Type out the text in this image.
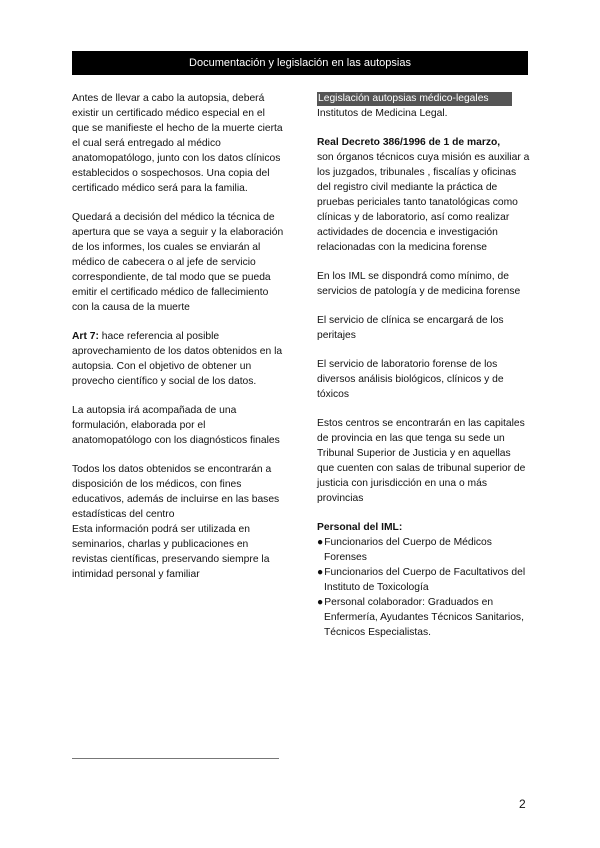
Documentación y legislación en las autopsias

Antes de llevar a cabo la autopsia, deberá existir un certificado médico especial en el que se manifieste el hecho de la muerte cierta el cual será entregado al médico anatomopatólogo, junto con los datos clínicos establecidos o sospechosos. Una copia del certificado médico será para la familia.

Quedará a decisión del médico la técnica de apertura que se vaya a seguir y la elaboración de los informes, los cuales se enviarán al médico de cabecera o al jefe de servicio correspondiente, de tal modo que se pueda emitir el certificado médico de fallecimiento con la causa de la muerte

Art 7: hace referencia al posible aprovechamiento de los datos obtenidos en la autopsia. Con el objetivo de obtener un provecho científico y social de los datos.

La autopsia irá acompañada de una formulación, elaborada por el anatomopatólogo con los diagnósticos finales

Todos los datos obtenidos se encontrarán a disposición de los médicos, con fines educativos, además de incluirse en las bases estadísticas del centro
Esta información podrá ser utilizada en seminarios, charlas y publicaciones en revistas científicas, preservando siempre la intimidad personal y familiar

Legislación autopsias médico-legales
Institutos de Medicina Legal.

Real Decreto 386/1996 de 1 de marzo,
son órganos técnicos cuya misión es auxiliar a los juzgados, tribunales , fiscalías y oficinas del registro civil mediante la práctica de pruebas periciales tanto tanatológicas como clínicas y de laboratorio, así como realizar actividades de docencia e investigación relacionadas con la medicina forense

En los IML se dispondrá como mínimo, de servicios de patología y de medicina forense

El servicio de clínica se encargará de los peritajes

El servicio de laboratorio forense de los diversos análisis biológicos, clínicos y de tóxicos

Estos centros se encontrarán en las capitales de provincia en las que tenga su sede un Tribunal Superior de Justicia y en aquellas que cuenten con salas de tribunal superior de justicia con jurisdicción en una o más provincias

Personal del IML:
●Funcionarios del Cuerpo de Médicos Forenses
●Funcionarios del Cuerpo de Facultativos del Instituto de Toxicología
●Personal colaborador: Graduados en Enfermería, Ayudantes Técnicos Sanitarios, Técnicos Especialistas.
2
